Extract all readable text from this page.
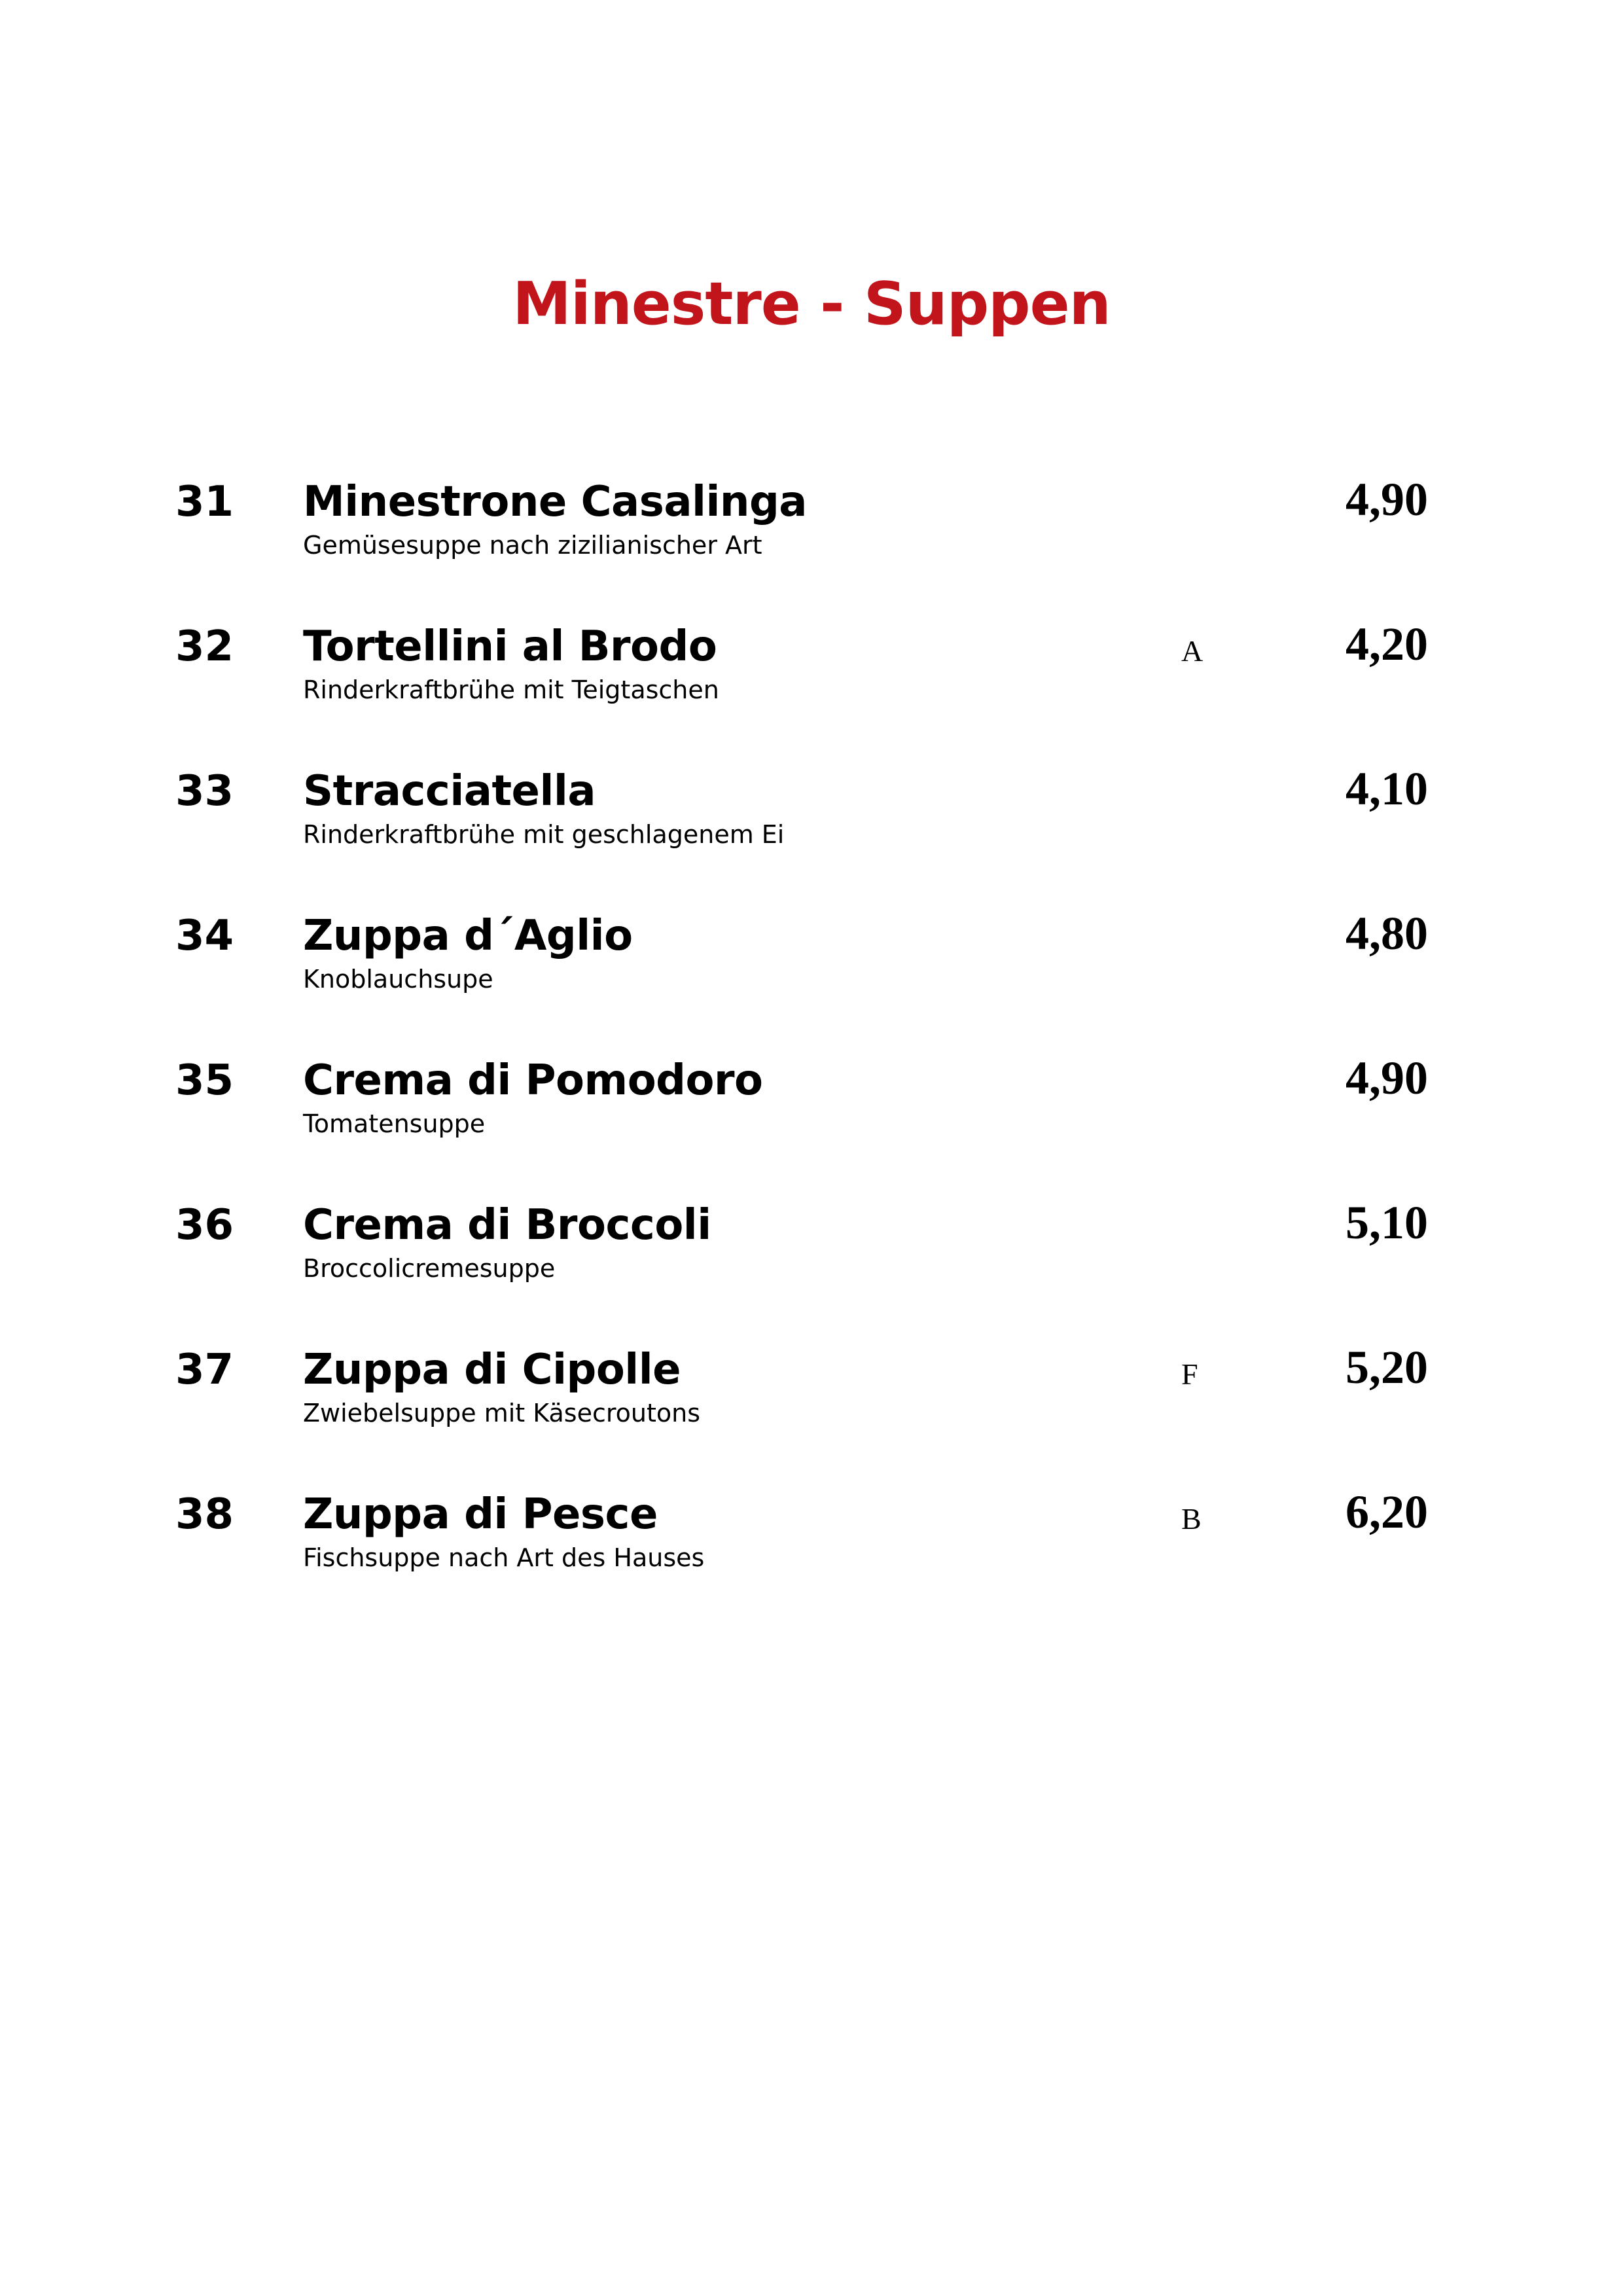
Minestre - Suppen
31 Minestrone Casalinga
Gemüsesuppe nach zizilianischer Art
4,90
32 Tortellini al Brodo
Rinderkraftbrühe mit Teigtaschen
A	4,20
33 Stracciatella
Rinderkraftbrühe mit geschlagenem Ei
4,10
34 Zuppa d´Aglio
Knoblauchsupe
4,80
35 Crema di Pomodoro
Tomatensuppe
4,90
36 Crema di Broccoli
Broccolicremesuppe
5,10
37 Zuppa di Cipolle
Zwiebelsuppe mit Käsecroutons
F	5,20
38 Zuppa di Pesce
Fischsuppe nach Art des Hauses
B	6,20
